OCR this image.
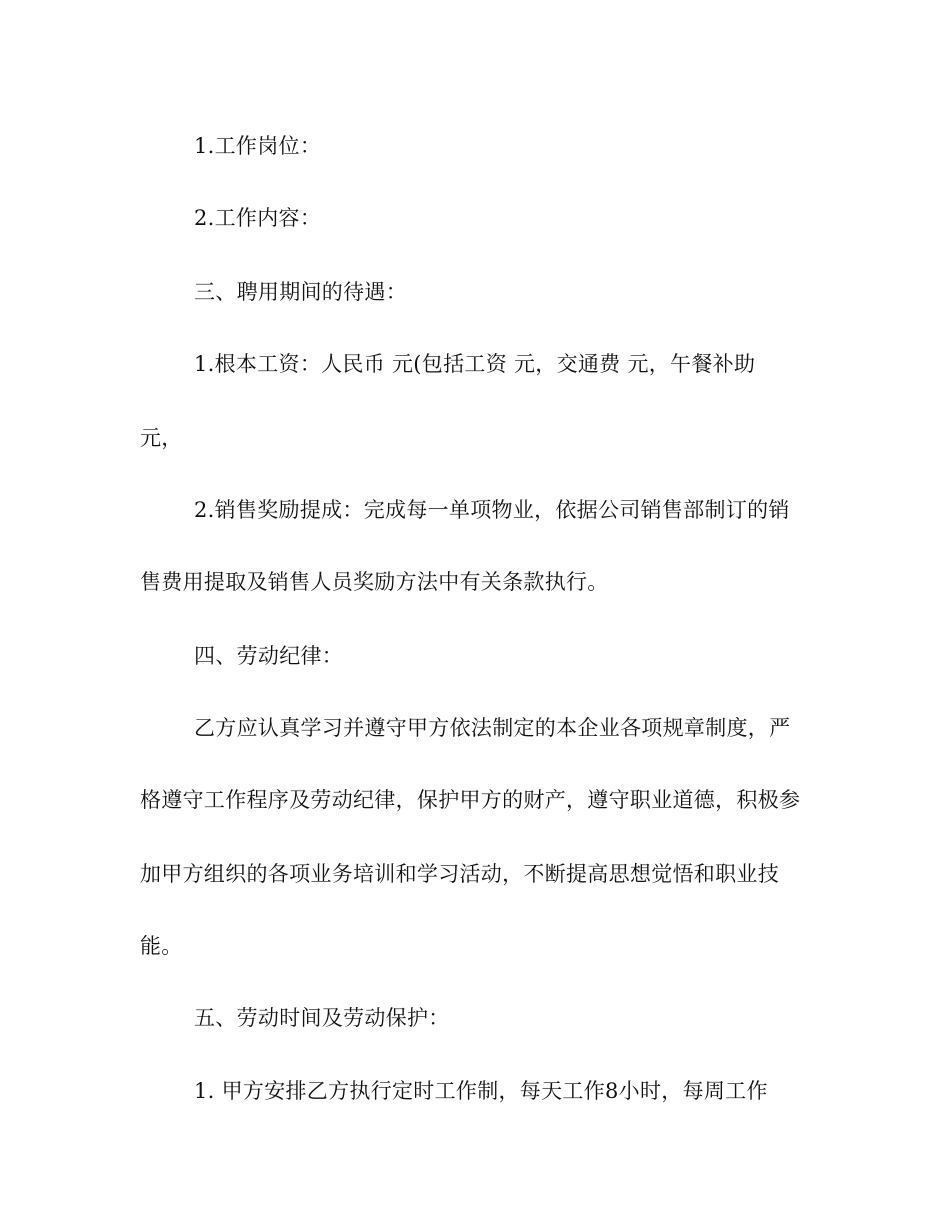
1.工作岗位：
2.工作内容：
三、聘用期间的待遇：
1.根本工资：人民币 元(包括工资 元，交通费 元，午餐补助
元，
2.销售奖励提成：完成每一单项物业，依据公司销售部制订的销
售费用提取及销售人员奖励方法中有关条款执行。
四、劳动纪律：
乙方应认真学习并遵守甲方依法制定的本企业各项规章制度，严
格遵守工作程序及劳动纪律，保护甲方的财产，遵守职业道德，积极参
加甲方组织的各项业务培训和学习活动，不断提高思想觉悟和职业技
能。
五、劳动时间及劳动保护：
1. 甲方安排乙方执行定时工作制，每天工作8小时，每周工作
